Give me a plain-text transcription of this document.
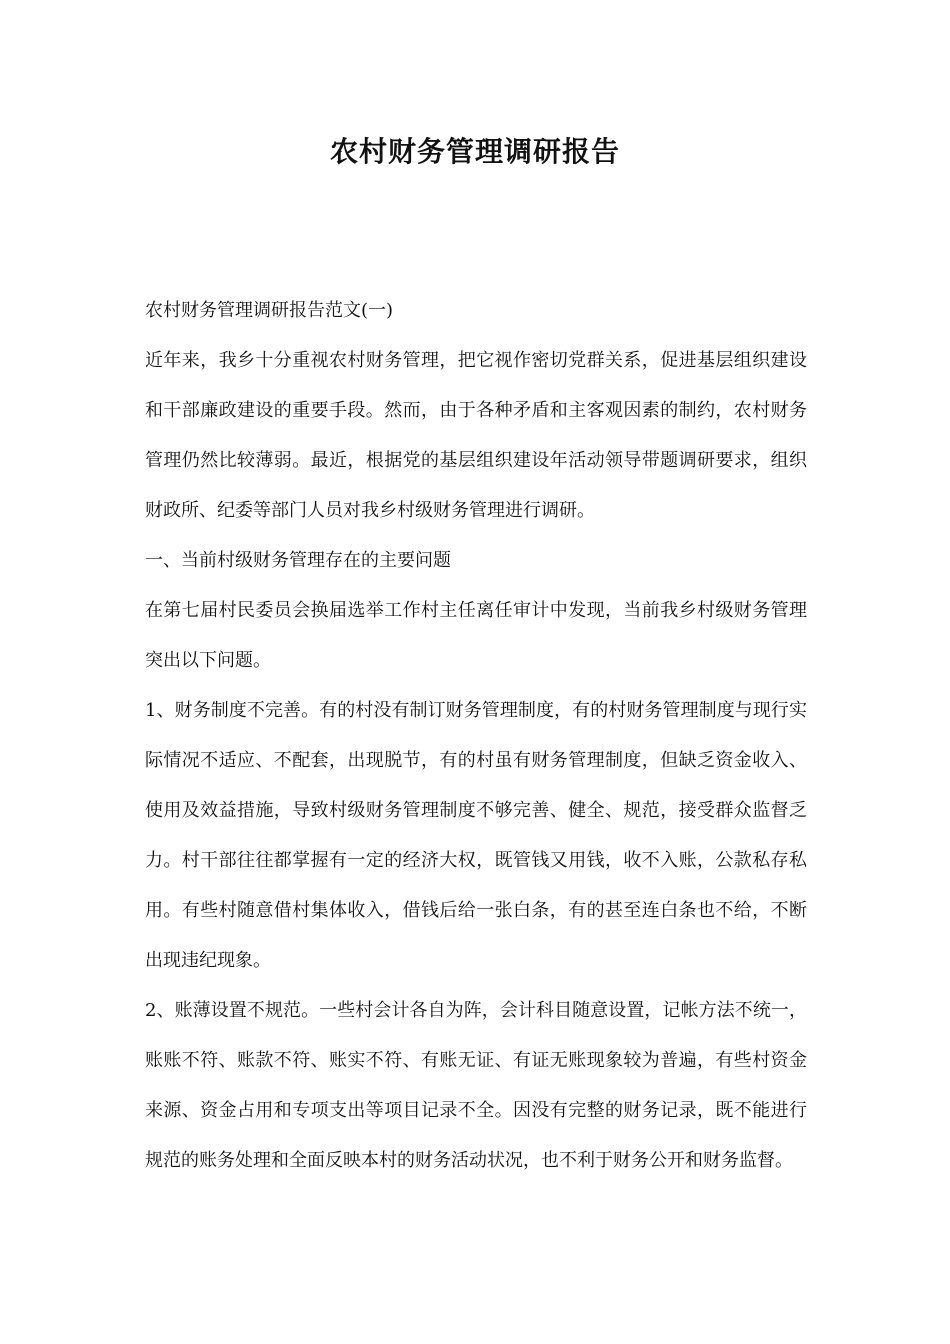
农村财务管理调研报告

农村财务管理调研报告范文(一)

近年来，我乡十分重视农村财务管理，把它视作密切党群关系，促进基层组织建设和干部廉政建设的重要手段。然而，由于各种矛盾和主客观因素的制约，农村财务管理仍然比较薄弱。最近，根据党的基层组织建设年活动领导带题调研要求，组织财政所、纪委等部门人员对我乡村级财务管理进行调研。

一、当前村级财务管理存在的主要问题

在第七届村民委员会换届选举工作村主任离任审计中发现，当前我乡村级财务管理突出以下问题。

1、财务制度不完善。有的村没有制订财务管理制度，有的村财务管理制度与现行实际情况不适应、不配套，出现脱节，有的村虽有财务管理制度，但缺乏资金收入、使用及效益措施，导致村级财务管理制度不够完善、健全、规范，接受群众监督乏力。村干部往往都掌握有一定的经济大权，既管钱又用钱，收不入账，公款私存私用。有些村随意借村集体收入，借钱后给一张白条，有的甚至连白条也不给，不断出现违纪现象。

2、账薄设置不规范。一些村会计各自为阵，会计科目随意设置，记帐方法不统一，账账不符、账款不符、账实不符、有账无证、有证无账现象较为普遍，有些村资金来源、资金占用和专项支出等项目记录不全。因没有完整的财务记录，既不能进行规范的账务处理和全面反映本村的财务活动状况，也不利于财务公开和财务监督。
